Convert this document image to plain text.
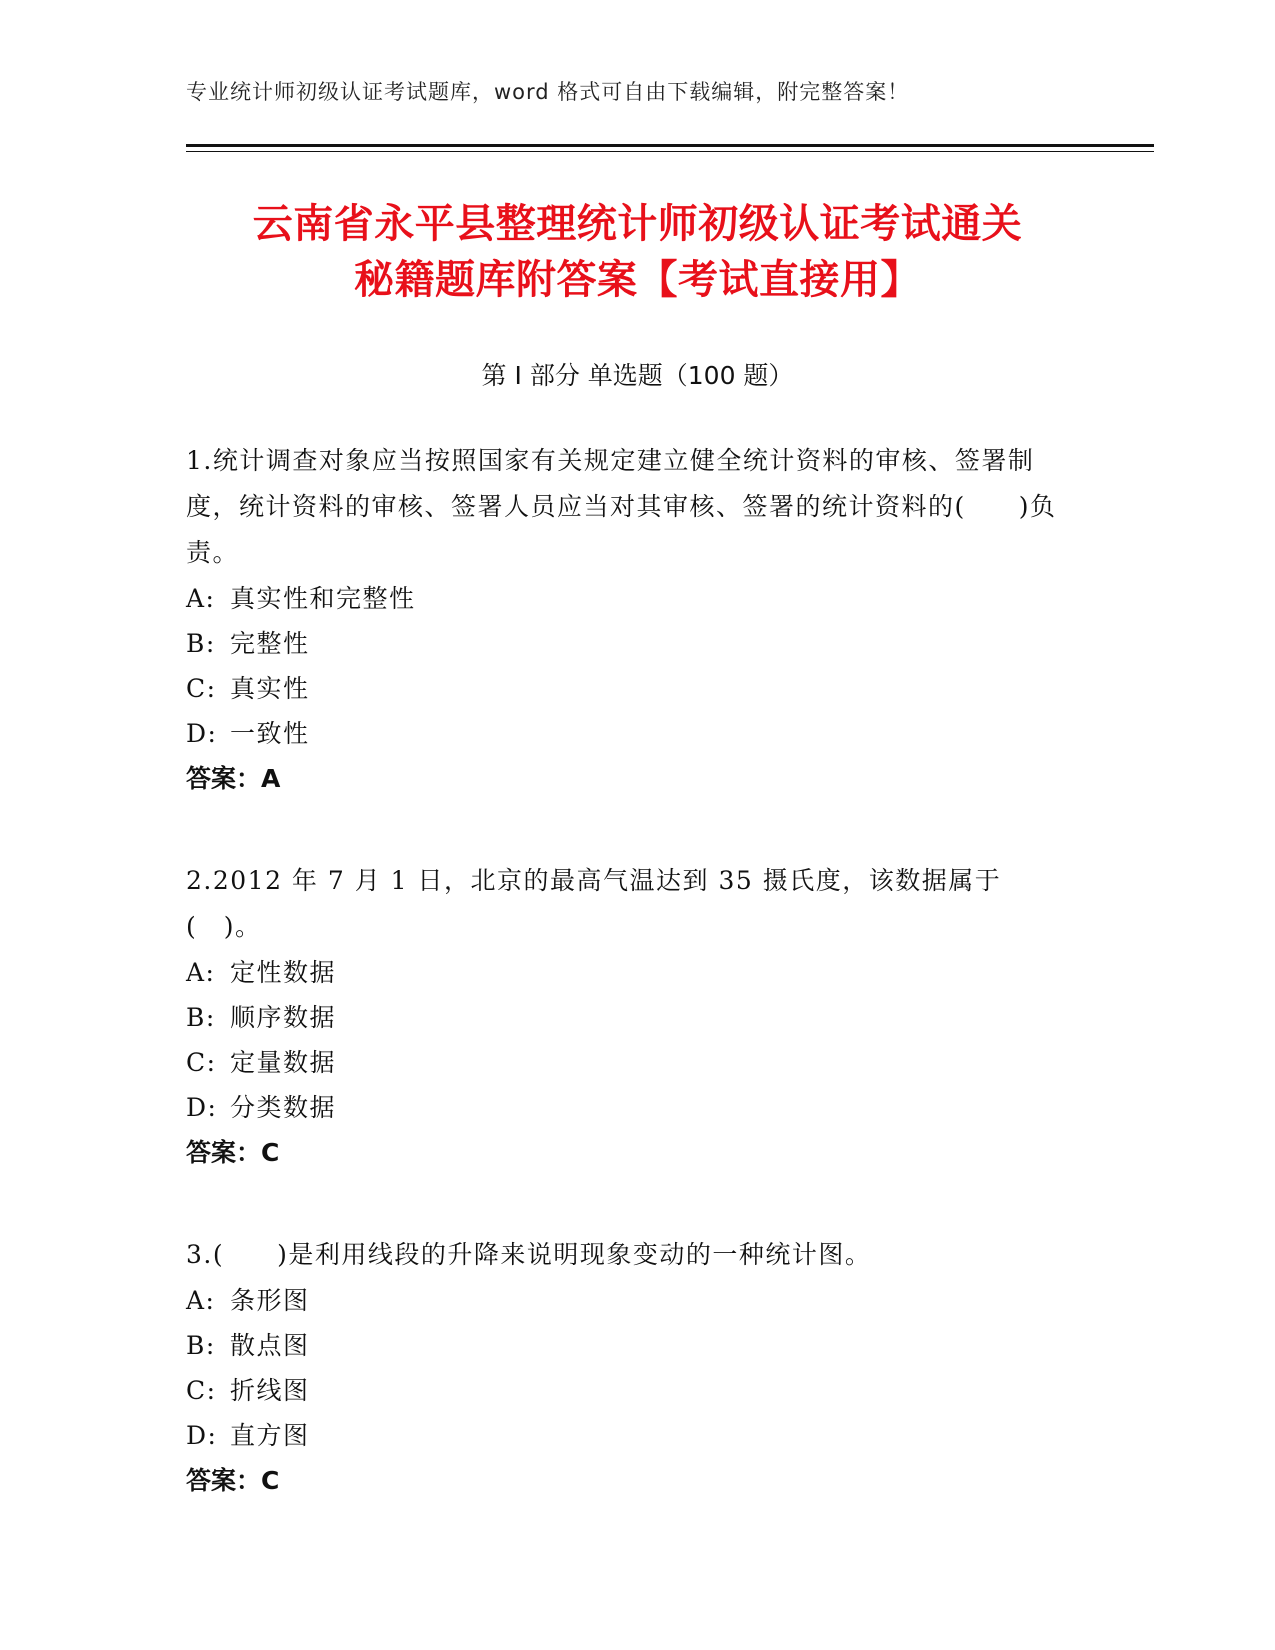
专业统计师初级认证考试题库，word 格式可自由下载编辑，附完整答案！
云南省永平县整理统计师初级认证考试通关
秘籍题库附答案【考试直接用】
第 I 部分 单选题（100 题）

1.统计调查对象应当按照国家有关规定建立健全统计资料的审核、签署制度，统计资料的审核、签署人员应当对其审核、签署的统计资料的(　　)负责。

A: 真实性和完整性

B: 完整性

C: 真实性

D: 一致性

答案：A

2.2012 年 7 月 1 日，北京的最高气温达到 35 摄氏度，该数据属于(　)。

A: 定性数据

B: 顺序数据

C: 定量数据

D: 分类数据

答案：C

3.(　　)是利用线段的升降来说明现象变动的一种统计图。

A: 条形图

B: 散点图

C: 折线图

D: 直方图

答案：C
